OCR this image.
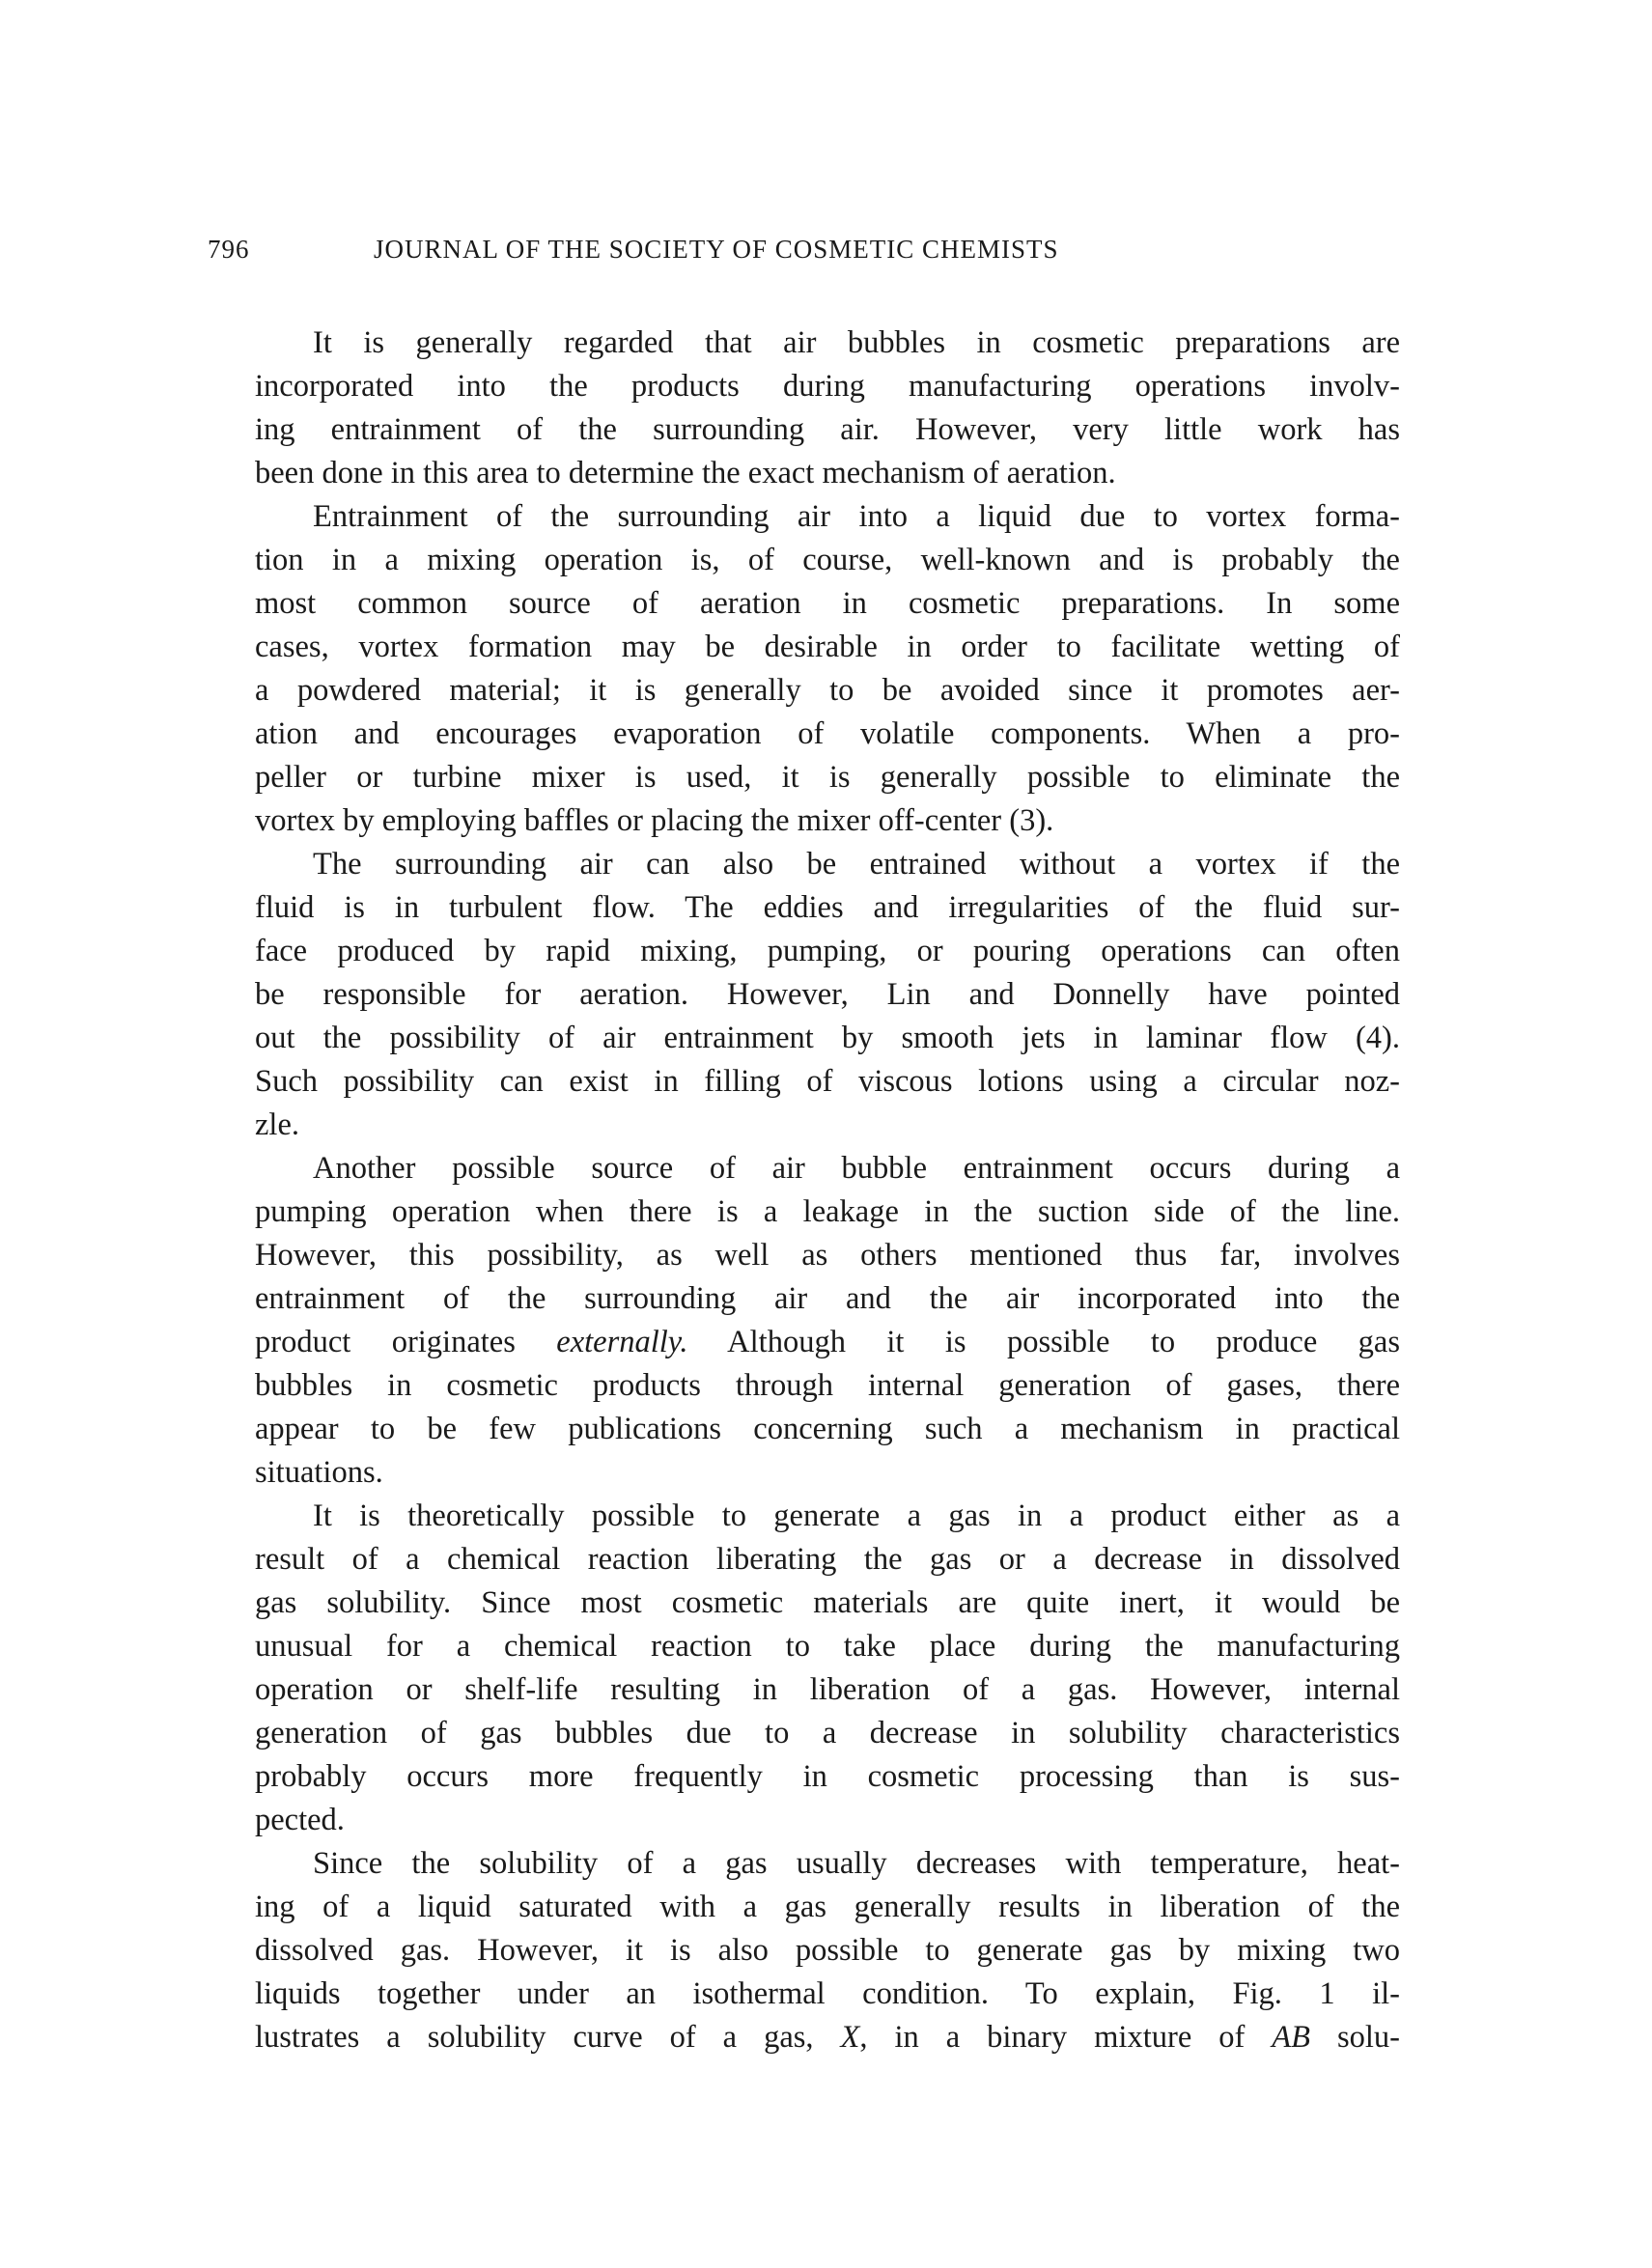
796	JOURNAL OF THE SOCIETY OF COSMETIC CHEMISTS
It is generally regarded that air bubbles in cosmetic preparations are
incorporated into the products during manufacturing operations involv-
ing entrainment of the surrounding air. However, very little work has
been done in this area to determine the exact mechanism of aeration.
Entrainment of the surrounding air into a liquid due to vortex forma-
tion in a mixing operation is, of course, well-known and is probably the
most common source of aeration in cosmetic preparations. In some
cases, vortex formation may be desirable in order to facilitate wetting of
a powdered material; it is generally to be avoided since it promotes aer-
ation and encourages evaporation of volatile components. When a pro-
peller or turbine mixer is used, it is generally possible to eliminate the
vortex by employing baffles or placing the mixer off-center (3).
The surrounding air can also be entrained without a vortex if the
fluid is in turbulent flow. The eddies and irregularities of the fluid sur-
face produced by rapid mixing, pumping, or pouring operations can often
be responsible for aeration. However, Lin and Donnelly have pointed
out the possibility of air entrainment by smooth jets in laminar flow (4).
Such possibility can exist in filling of viscous lotions using a circular noz-
zle.
Another possible source of air bubble entrainment occurs during a
pumping operation when there is a leakage in the suction side of the line.
However, this possibility, as well as others mentioned thus far, involves
entrainment of the surrounding air and the air incorporated into the
product originates externally. Although it is possible to produce gas
bubbles in cosmetic products through internal generation of gases, there
appear to be few publications concerning such a mechanism in practical
situations.
It is theoretically possible to generate a gas in a product either as a
result of a chemical reaction liberating the gas or a decrease in dissolved
gas solubility. Since most cosmetic materials are quite inert, it would be
unusual for a chemical reaction to take place during the manufacturing
operation or shelf-life resulting in liberation of a gas. However, internal
generation of gas bubbles due to a decrease in solubility characteristics
probably occurs more frequently in cosmetic processing than is sus-
pected.
Since the solubility of a gas usually decreases with temperature, heat-
ing of a liquid saturated with a gas generally results in liberation of the
dissolved gas. However, it is also possible to generate gas by mixing two
liquids together under an isothermal condition. To explain, Fig. 1 il-
lustrates a solubility curve of a gas, X, in a binary mixture of AB solu-
